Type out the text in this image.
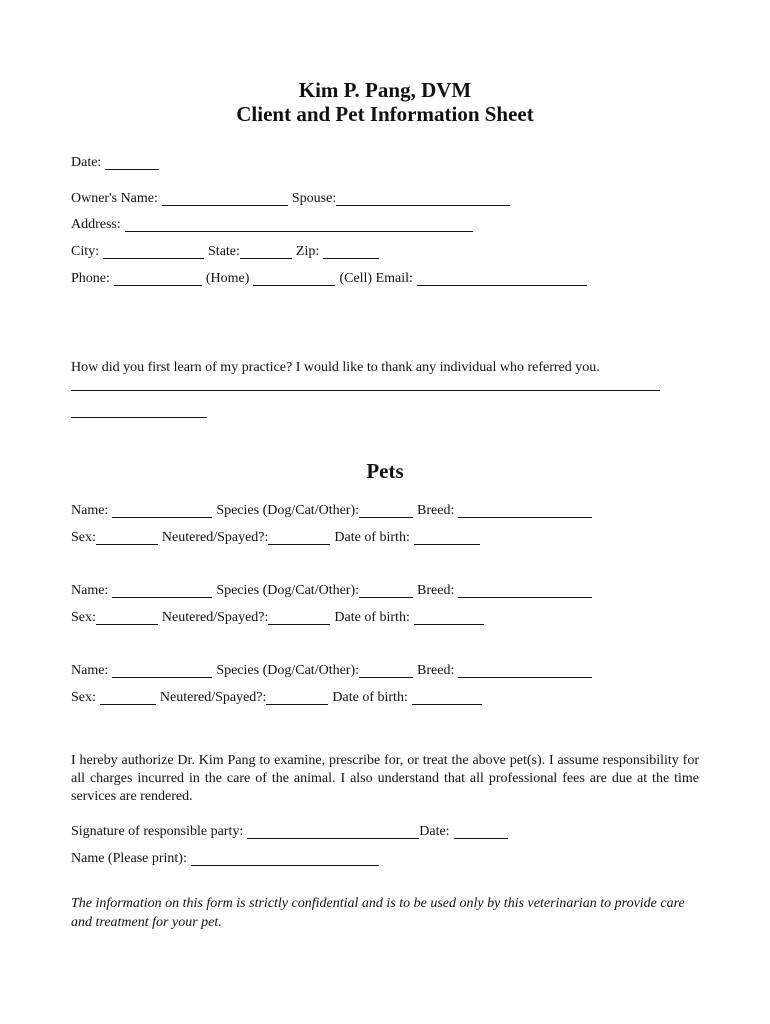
Kim P. Pang, DVM
Client and Pet Information Sheet
Date:
Owner's Name:	Spouse:
Address:
City:	State:	Zip:
Phone:	(Home)	(Cell) Email:
How did you first learn of my practice? I would like to thank any individual who referred you.
Pets
Name:	Species (Dog/Cat/Other):	Breed:
Sex:	Neutered/Spayed?:	Date of birth:
Name:	Species (Dog/Cat/Other):	Breed:
Sex:	Neutered/Spayed?:	Date of birth:
Name:	Species (Dog/Cat/Other):	Breed:
Sex:	Neutered/Spayed?:	Date of birth:
I hereby authorize Dr. Kim Pang to examine, prescribe for, or treat the above pet(s). I assume responsibility for all charges incurred in the care of the animal. I also understand that all professional fees are due at the time services are rendered.
Signature of responsible party:	Date:
Name (Please print):
The information on this form is strictly confidential and is to be used only by this veterinarian to provide care and treatment for your pet.
